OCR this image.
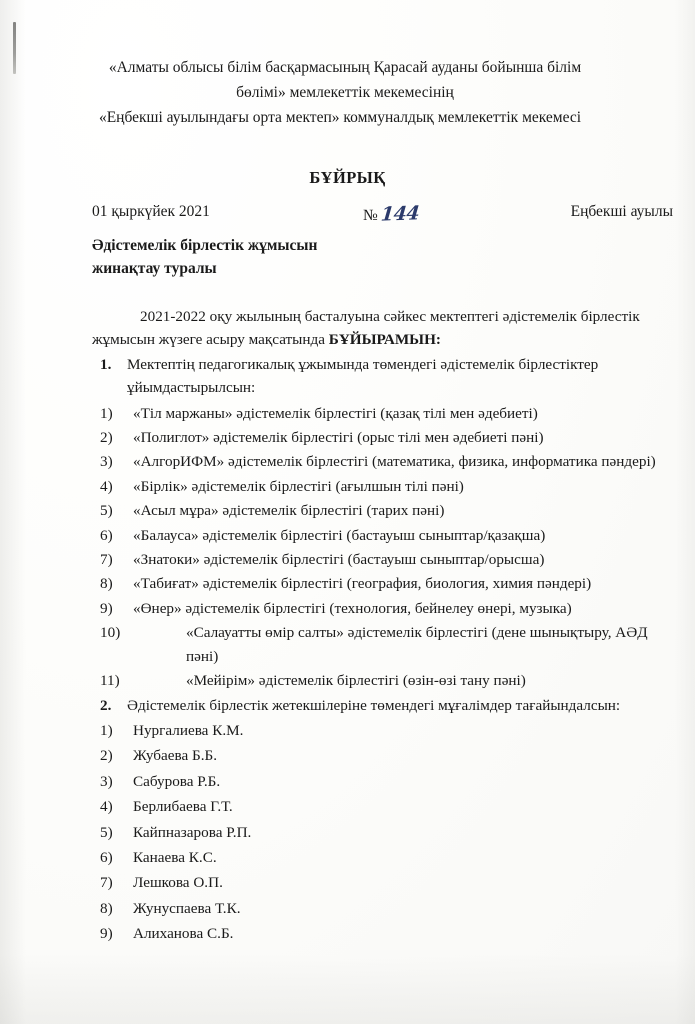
«Алматы облысы білім басқармасының Қарасай ауданы бойынша білім
бөлімі» мемлекеттік мекемесінің
«Еңбекші ауылындағы орта мектеп» коммуналдық мемлекеттік мекемесі
БҰЙРЫҚ
01 қыркүйек 2021	№ 144	Еңбекші ауылы
Әдістемелік бірлестік жұмысын
жинақтау туралы

2021-2022 оқу жылының басталуына сәйкес мектептегі әдістемелік бірлестік жұмысын жүзеге асыру мақсатында БҰЙЫРАМЫН:

1. Мектептің педагогикалық ұжымында төмендегі әдістемелік бірлестіктер ұйымдастырылсын:
1) «Тіл маржаны» әдістемелік бірлестігі (қазақ тілі мен әдебиеті)
2) «Полиглот» әдістемелік бірлестігі (орыс тілі мен әдебиеті пәні)
3) «АлгорИФМ» әдістемелік бірлестігі (математика, физика, информатика пәндері)
4) «Бірлік» әдістемелік бірлестігі (ағылшын тілі пәні)
5) «Асыл мұра» әдістемелік бірлестігі (тарих пәні)
6) «Балауса» әдістемелік бірлестігі (бастауыш сыныптар/қазақша)
7) «Знатоки» әдістемелік бірлестігі (бастауыш сыныптар/орысша)
8) «Табиғат» әдістемелік бірлестігі (география, биология, химия пәндері)
9) «Өнер» әдістемелік бірлестігі (технология, бейнелеу өнері, музыка)
10)	«Салауатты өмір салты» әдістемелік бірлестігі (дене шынықтыру, АӘД пәні)
11)	«Мейірім» әдістемелік бірлестігі (өзін-өзі тану пәні)
2. Әдістемелік бірлестік жетекшілеріне төмендегі мұғалімдер тағайындалсын:
1) Нургалиева К.М.
2) Жубаева Б.Б.
3) Сабурова Р.Б.
4) Берлибаева Г.Т.
5) Кайпназарова Р.П.
6) Канаева К.С.
7) Лешкова О.П.
8) Жунуспаева Т.К.
9) Алиханова С.Б.
